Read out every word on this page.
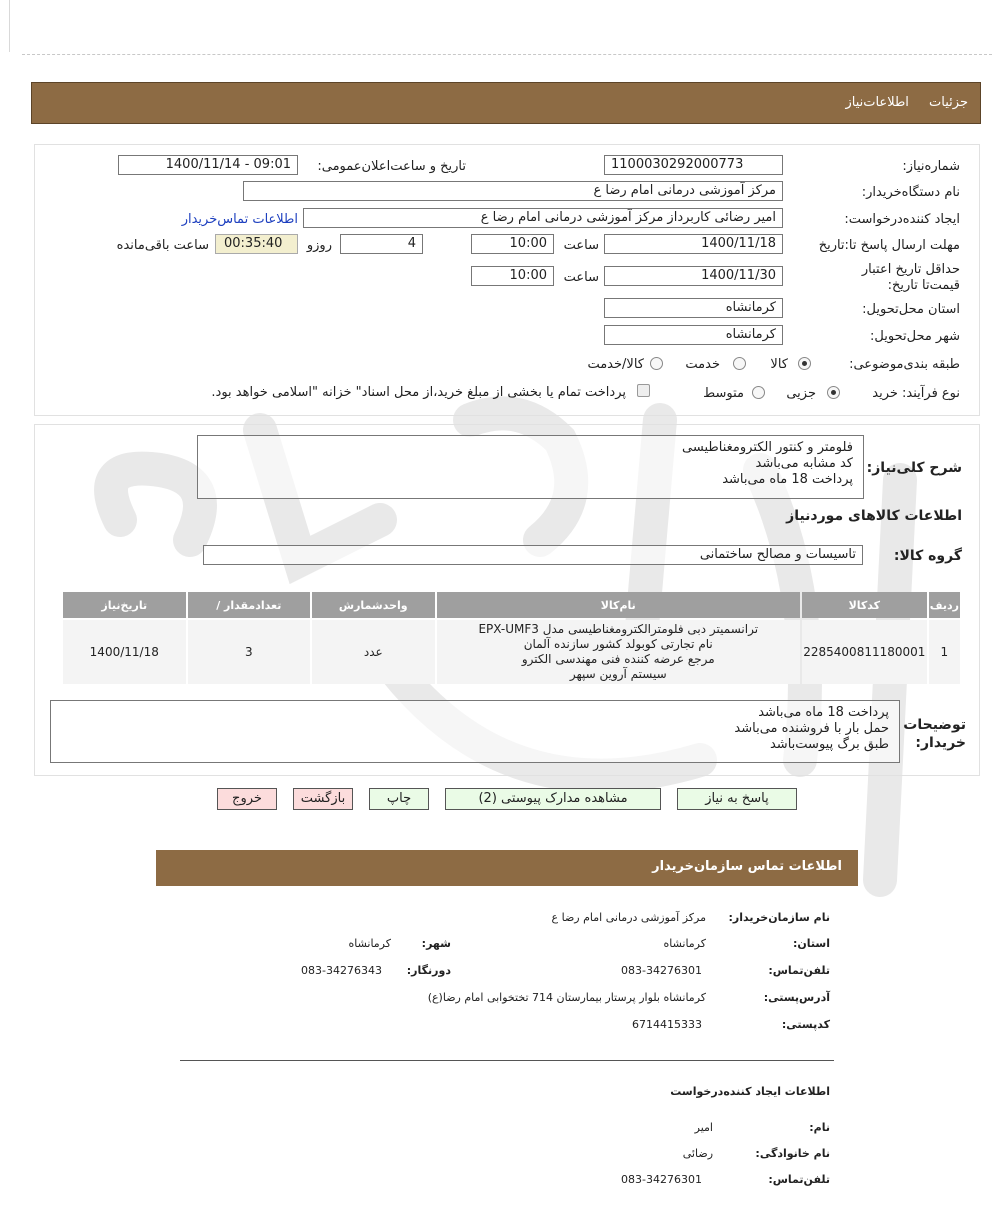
جزئیات اطلاعات‌نیاز
شماره‌نیاز:
1100030292000773
تاریخ و ساعت‌اعلان‌عمومی:
1400/11/14 - 09:01
نام دستگاه‌خریدار:
مرکز آموزشی درمانی امام رضا ع
ایجاد کننده‌درخواست:
امیر رضائی کاربرداز مرکز آموزشی درمانی امام رضا ع
اطلاعات تماس‌خریدار
مهلت ارسال پاسخ تا:تاریخ
1400/11/18
ساعت
10:00
4
روزو
00:35:40
ساعت باقی‌مانده
حداقل تاریخ اعتبار قیمت‌تا تاریخ:
1400/11/30
ساعت
10:00
استان محل‌تحویل:
کرمانشاه
شهر محل‌تحویل:
کرمانشاه
طبقه بندی‌موضوعی:
کالا
خدمت
کالا/خدمت
نوع فرآیند: خرید
جزیی
متوسط
پرداخت تمام یا بخشی از مبلغ خرید،از محل اسناد" خزانه "اسلامی خواهد بود.
شرح کلی‌نیاز:
فلومتر و کنتور الکترومغناطیسی
کد مشابه می‌باشد
پرداخت 18 ماه می‌باشد
اطلاعات کالاهای موردنیاز
گروه کالا:
تاسیسات و مصالح ساختمانی
ردیف	کدکالا	نام‌کالا	واحدشمارش	تعدادمقدار /	تاریخ‌نیاز
1	2285400811180001	ترانسمیتر دبی فلومترالکترومغناطیسی مدل EPX-UMF3
نام تجارتی کوبولد کشور سازنده آلمان
مرجع عرضه کننده فنی مهندسی الکترو
سیستم آروین سپهر	عدد	3	1400/11/18
توضیحات
خریدار:
پرداخت 18 ماه می‌باشد
حمل بار با فروشنده می‌باشد
طبق برگ پیوست‌باشد
پاسخ به نیاز
مشاهده مدارک پیوستی (2)
چاپ
بازگشت
خروج
اطلاعات تماس سازمان‌خریدار
نام سازمان‌خریدار:
مرکز آموزشی درمانی امام رضا ع
استان:
کرمانشاه
شهر:
کرمانشاه
تلفن‌تماس:
083-34276301
دورنگار:
083-34276343
آدرس‌پستی:
کرمانشاه بلوار پرستار بیمارستان 714 تختخوابی امام رضا(ع)
کدپستی:
6714415333
اطلاعات ایجاد کننده‌درخواست
نام:
امیر
نام خانوادگی:
رضائی
تلفن‌تماس:
083-34276301
